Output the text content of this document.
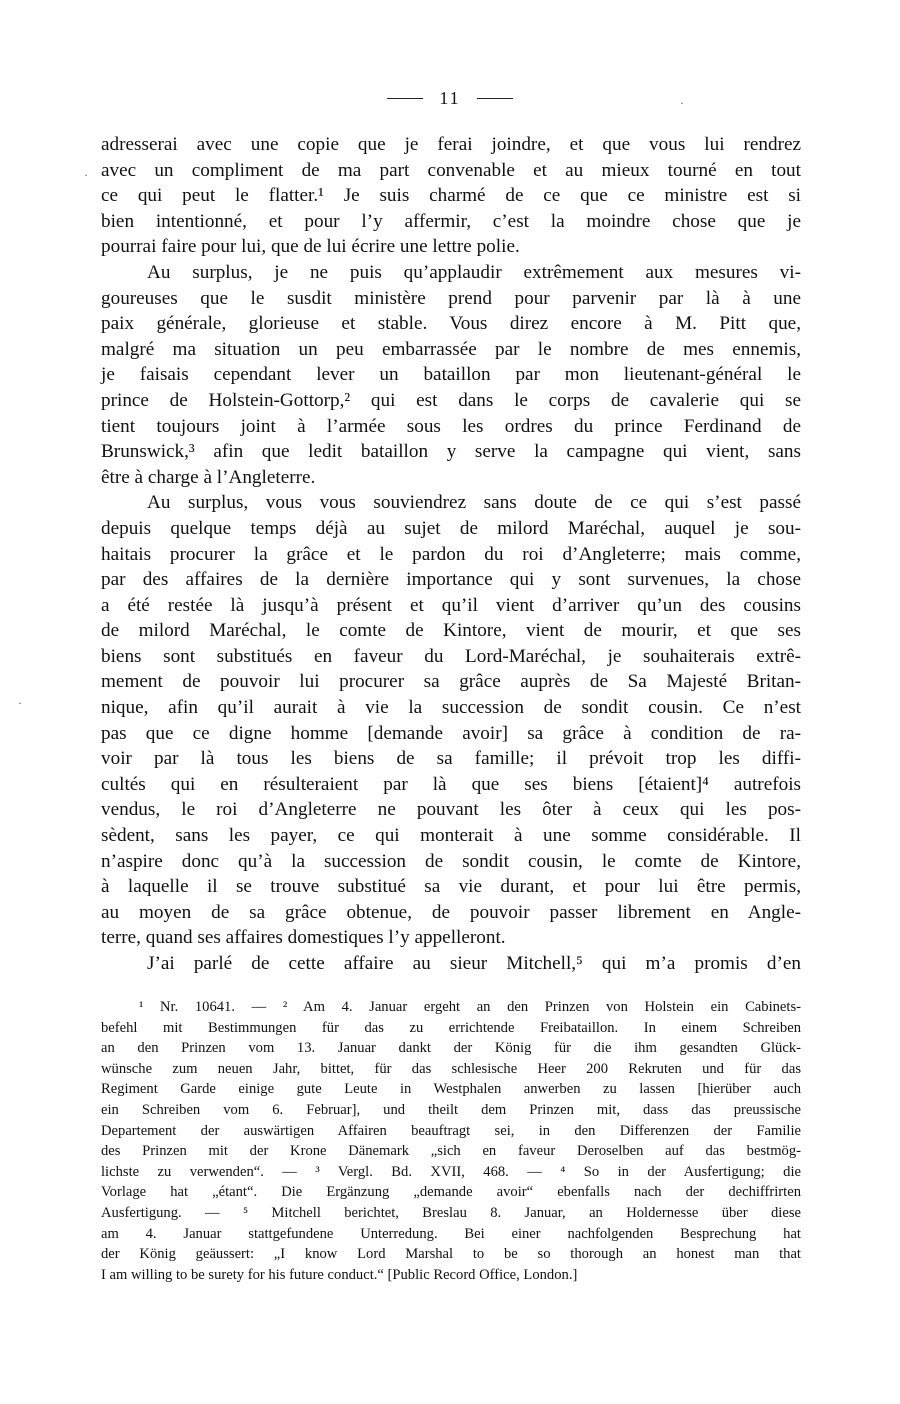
11
adresserai avec une copie que je ferai joindre, et que vous lui rendrez
avec un compliment de ma part convenable et au mieux tourné en tout
ce qui peut le flatter.¹ Je suis charmé de ce que ce ministre est si
bien intentionné, et pour l’y affermir, c’est la moindre chose que je
pourrai faire pour lui, que de lui écrire une lettre polie.
Au surplus, je ne puis qu’applaudir extrêmement aux mesures vi-
goureuses que le susdit ministère prend pour parvenir par là à une
paix générale, glorieuse et stable. Vous direz encore à M. Pitt que,
malgré ma situation un peu embarrassée par le nombre de mes ennemis,
je faisais cependant lever un bataillon par mon lieutenant-général le
prince de Holstein-Gottorp,² qui est dans le corps de cavalerie qui se
tient toujours joint à l’armée sous les ordres du prince Ferdinand de
Brunswick,³ afin que ledit bataillon y serve la campagne qui vient, sans
être à charge à l’Angleterre.
Au surplus, vous vous souviendrez sans doute de ce qui s’est passé
depuis quelque temps déjà au sujet de milord Maréchal, auquel je sou-
haitais procurer la grâce et le pardon du roi d’Angleterre; mais comme,
par des affaires de la dernière importance qui y sont survenues, la chose
a été restée là jusqu’à présent et qu’il vient d’arriver qu’un des cousins
de milord Maréchal, le comte de Kintore, vient de mourir, et que ses
biens sont substitués en faveur du Lord-Maréchal, je souhaiterais extrê-
mement de pouvoir lui procurer sa grâce auprès de Sa Majesté Britan-
nique, afin qu’il aurait à vie la succession de sondit cousin. Ce n’est
pas que ce digne homme [demande avoir] sa grâce à condition de ra-
voir par là tous les biens de sa famille; il prévoit trop les diffi-
cultés qui en résulteraient par là que ses biens [étaient]⁴ autrefois
vendus, le roi d’Angleterre ne pouvant les ôter à ceux qui les pos-
sèdent, sans les payer, ce qui monterait à une somme considérable. Il
n’aspire donc qu’à la succession de sondit cousin, le comte de Kintore,
à laquelle il se trouve substitué sa vie durant, et pour lui être permis,
au moyen de sa grâce obtenue, de pouvoir passer librement en Angle-
terre, quand ses affaires domestiques l’y appelleront.
J’ai parlé de cette affaire au sieur Mitchell,⁵ qui m’a promis d’en
¹ Nr. 10641. — ² Am 4. Januar ergeht an den Prinzen von Holstein ein Cabinets-
befehl mit Bestimmungen für das zu errichtende Freibataillon. In einem Schreiben
an den Prinzen vom 13. Januar dankt der König für die ihm gesandten Glück-
wünsche zum neuen Jahr, bittet, für das schlesische Heer 200 Rekruten und für das
Regiment Garde einige gute Leute in Westphalen anwerben zu lassen [hierüber auch
ein Schreiben vom 6. Februar], und theilt dem Prinzen mit, dass das preussische
Departement der auswärtigen Affairen beauftragt sei, in den Differenzen der Familie
des Prinzen mit der Krone Dänemark „sich en faveur Deroselben auf das bestmög-
lichste zu verwenden“. — ³ Vergl. Bd. XVII, 468. — ⁴ So in der Ausfertigung; die
Vorlage hat „étant“. Die Ergänzung „demande avoir“ ebenfalls nach der dechiffrirten
Ausfertigung. — ⁵ Mitchell berichtet, Breslau 8. Januar, an Holdernesse über diese
am 4. Januar stattgefundene Unterredung. Bei einer nachfolgenden Besprechung hat
der König geäussert: „I know Lord Marshal to be so thorough an honest man that
I am willing to be surety for his future conduct.“ [Public Record Office, London.]
·
·
·
